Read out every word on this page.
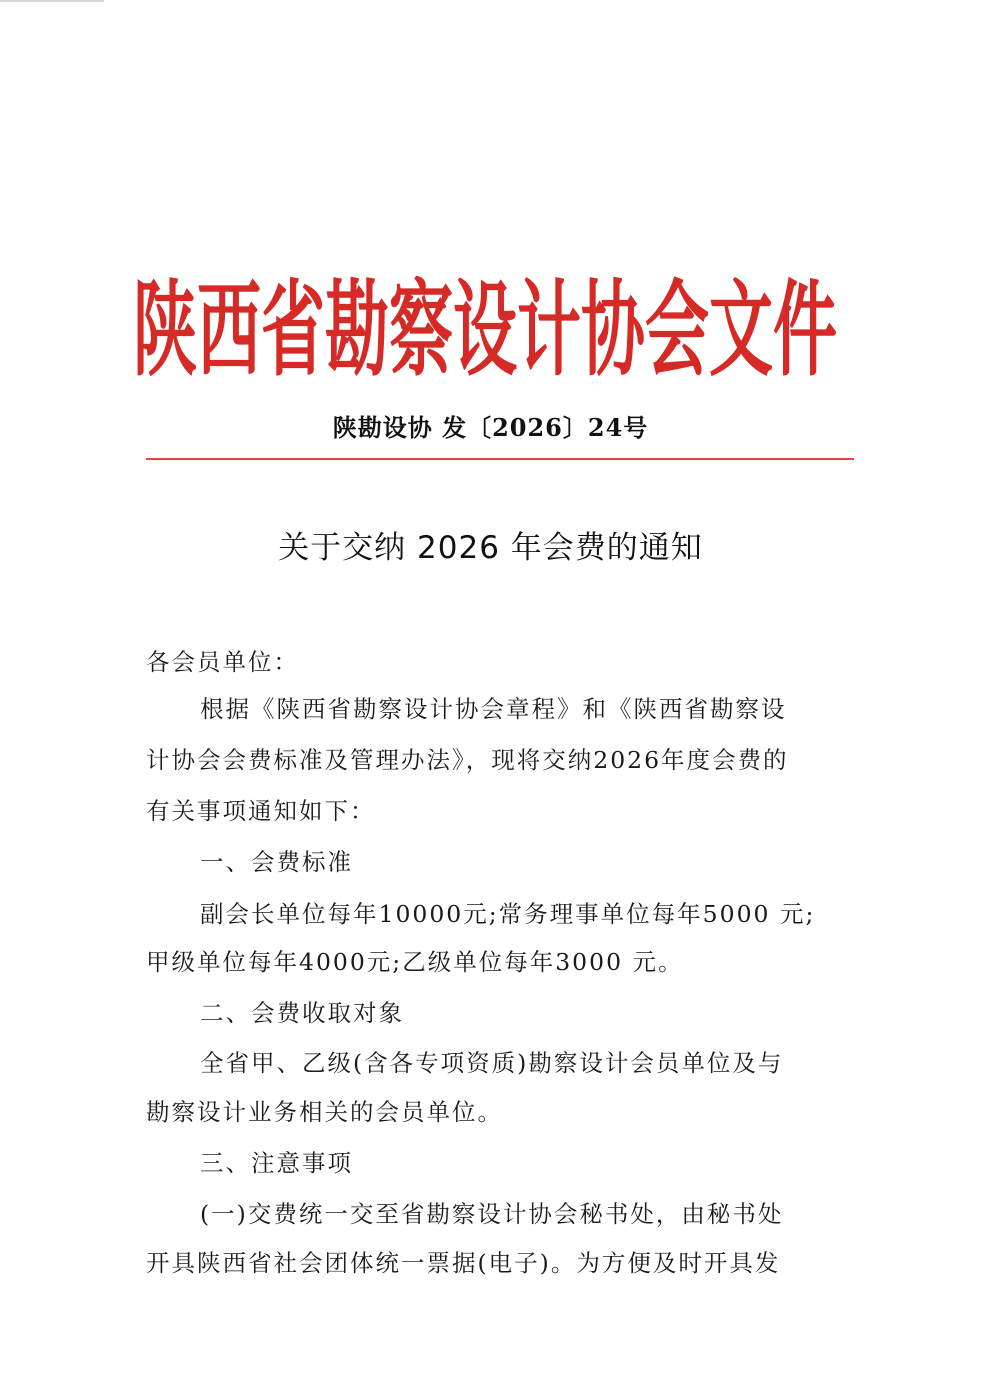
陕西省勘察设计协会文件
陕勘设协 发〔2026〕24号
关于交纳 2026 年会费的通知
各会员单位：
根据《陕西省勘察设计协会章程》和《陕西省勘察设
计协会会费标准及管理办法》，现将交纳2026年度会费的
有关事项通知如下：
一、会费标准
副会长单位每年10000元;常务理事单位每年5000 元;
甲级单位每年4000元;乙级单位每年3000 元。
二、会费收取对象
全省甲、乙级(含各专项资质)勘察设计会员单位及与
勘察设计业务相关的会员单位。
三、注意事项
(一)交费统一交至省勘察设计协会秘书处，由秘书处
开具陕西省社会团体统一票据(电子)。为方便及时开具发
